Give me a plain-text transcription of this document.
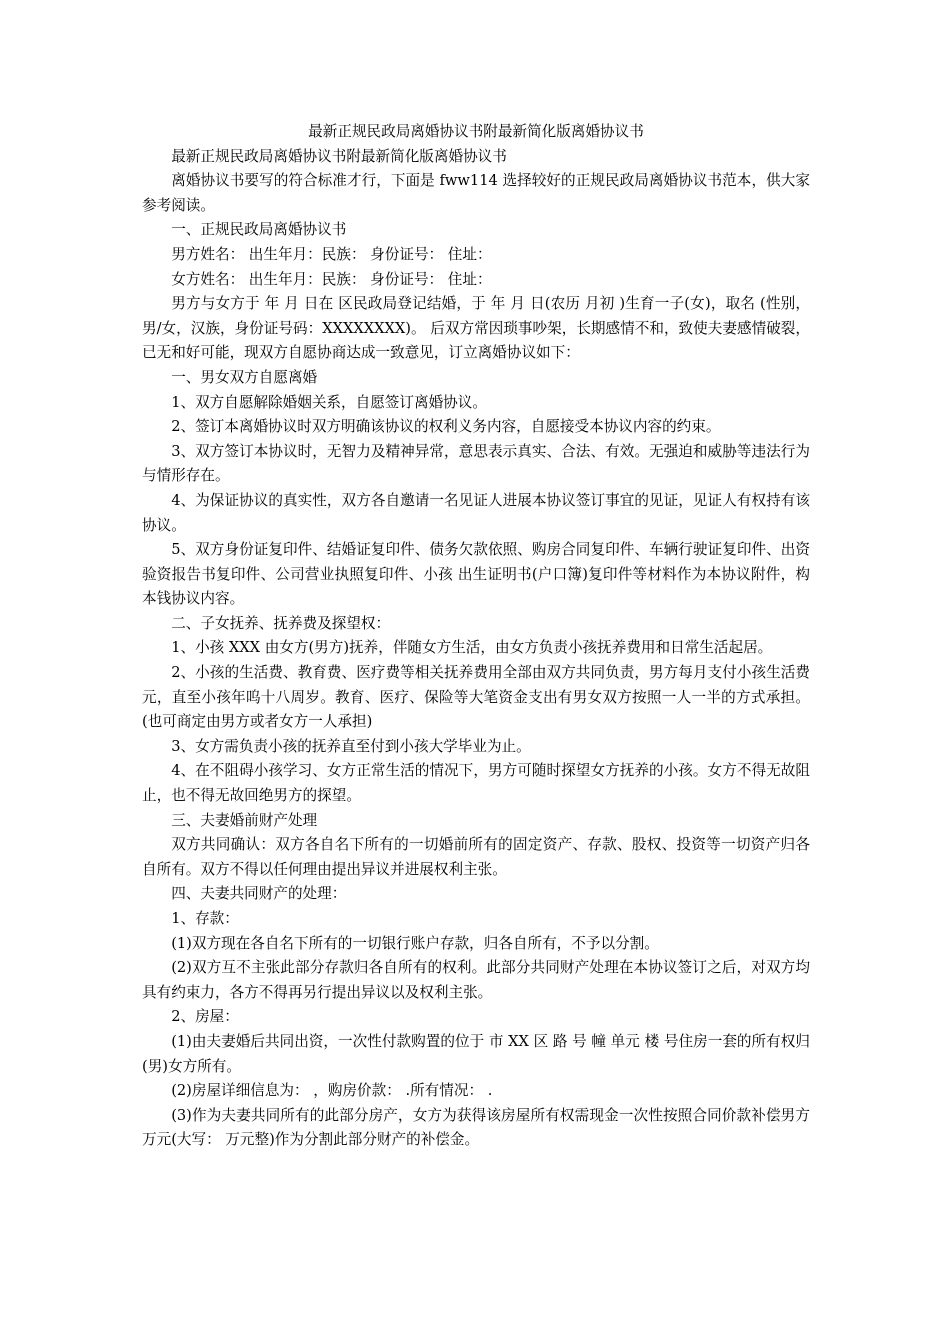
最新正规民政局离婚协议书附最新简化版离婚协议书

最新正规民政局离婚协议书附最新简化版离婚协议书

离婚协议书要写的符合标准才行，下面是 fww114 选择较好的正规民政局离婚协议书范本，供大家参考阅读。

一、正规民政局离婚协议书

男方姓名： 出生年月：民族： 身份证号： 住址：

女方姓名： 出生年月：民族： 身份证号： 住址：

男方与女方于 年 月 日在 区民政局登记结婚，于 年 月 日(农历 月初 )生育一子(女)，取名 (性别，男/女，汉族，身份证号码：XXXXXXXX)。 后双方常因琐事吵架，长期感情不和，致使夫妻感情破裂，已无和好可能，现双方自愿协商达成一致意见，订立离婚协议如下：

一、男女双方自愿离婚

1、双方自愿解除婚姻关系，自愿签订离婚协议。

2、签订本离婚协议时双方明确该协议的权利义务内容，自愿接受本协议内容的约束。

3、双方签订本协议时，无智力及精神异常，意思表示真实、合法、有效。无强迫和威胁等违法行为与情形存在。

4、为保证协议的真实性，双方各自邀请一名见证人进展本协议签订事宜的见证，见证人有权持有该协议。

5、双方身份证复印件、结婚证复印件、债务欠款依照、购房合同复印件、车辆行驶证复印件、出资验资报告书复印件、公司营业执照复印件、小孩 出生证明书(户口簿)复印件等材料作为本协议附件，构本钱协议内容。

二、子女抚养、抚养费及探望权：

1、小孩 XXX 由女方(男方)抚养，伴随女方生活，由女方负责小孩抚养费用和日常生活起居。

2、小孩的生活费、教育费、医疗费等相关抚养费用全部由双方共同负责，男方每月支付小孩生活费 元，直至小孩年呜十八周岁。教育、医疗、保险等大笔资金支出有男女双方按照一人一半的方式承担。(也可商定由男方或者女方一人承担)

3、女方需负责小孩的抚养直至付到小孩大学毕业为止。

4、在不阻碍小孩学习、女方正常生活的情况下，男方可随时探望女方抚养的小孩。女方不得无故阻止，也不得无故回绝男方的探望。

三、夫妻婚前财产处理

双方共同确认：双方各自名下所有的一切婚前所有的固定资产、存款、股权、投资等一切资产归各自所有。双方不得以任何理由提出异议并进展权利主张。

四、夫妻共同财产的处理：

1、存款：

(1)双方现在各自名下所有的一切银行账户存款，归各自所有，不予以分割。

(2)双方互不主张此部分存款归各自所有的权利。此部分共同财产处理在本协议签订之后，对双方均具有约束力，各方不得再另行提出异议以及权利主张。

2、房屋：

(1)由夫妻婚后共同出资，一次性付款购置的位于 市 XX 区 路 号 幢 单元 楼 号住房一套的所有权归(男)女方所有。

(2)房屋详细信息为： ，购房价款： .所有情况： .

(3)作为夫妻共同所有的此部分房产，女方为获得该房屋所有权需现金一次性按照合同价款补偿男方 万元(大写： 万元整)作为分割此部分财产的补偿金。
